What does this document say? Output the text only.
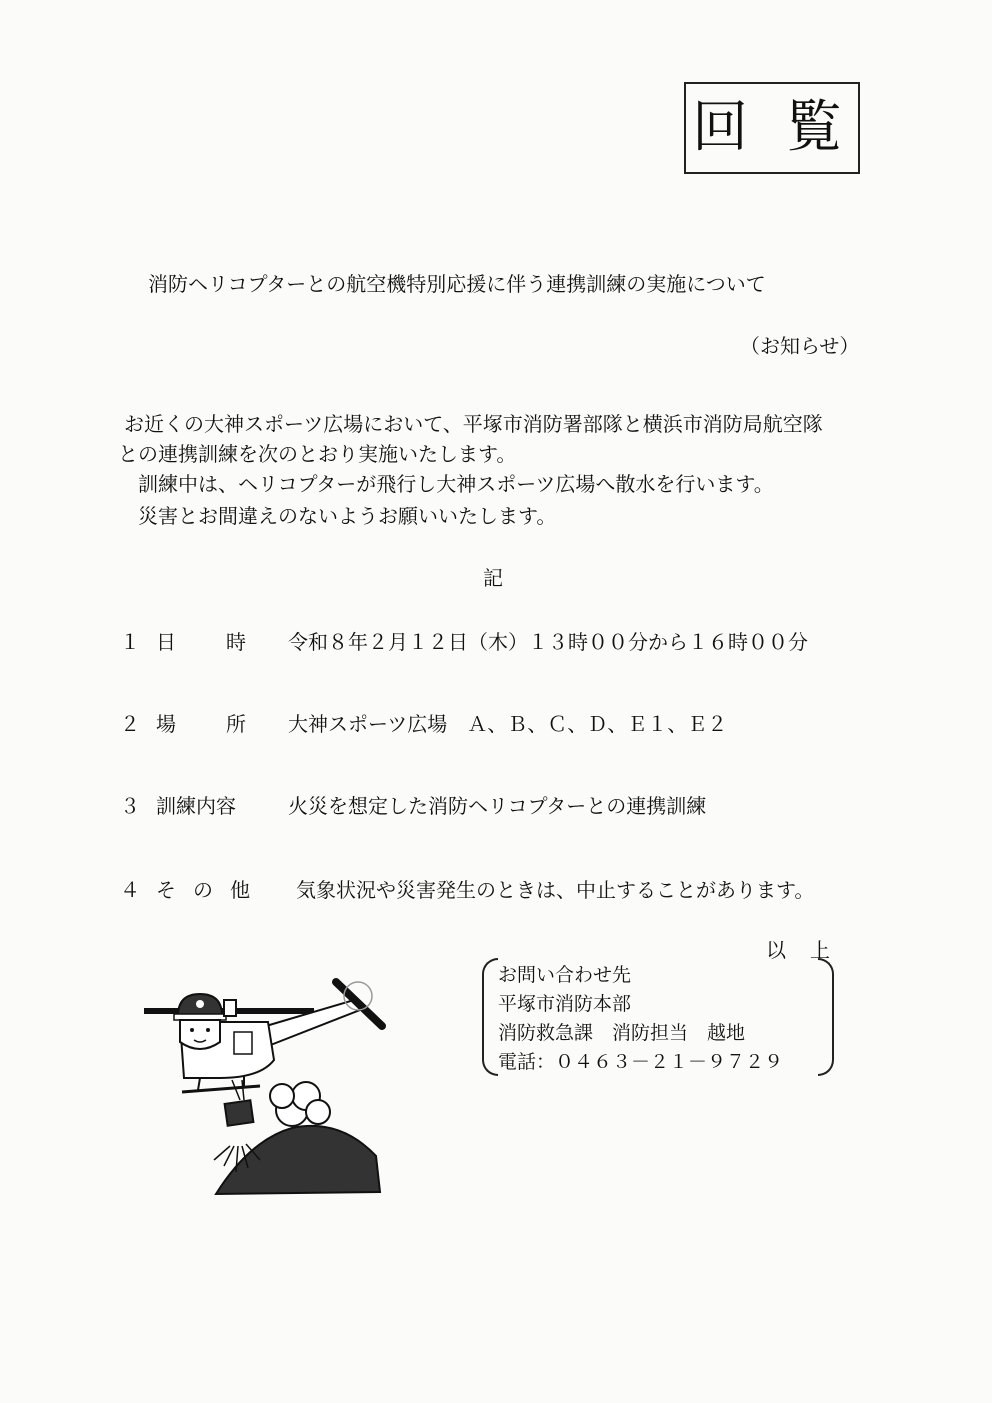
回 覧
消防ヘリコプターとの航空機特別応援に伴う連携訓練の実施について
（お知らせ）
お近くの大神スポーツ広場において、平塚市消防署部隊と横浜市消防局航空隊
との連携訓練を次のとおり実施いたします。
訓練中は、ヘリコプターが飛行し大神スポーツ広場へ散水を行います。
災害とお間違えのないようお願いいたします。
記
１ 日	時 令和８年２月１２日（木）１３時００分から１６時００分
２ 場	所 大神スポーツ広場　Ａ、Ｂ、Ｃ、Ｄ、Ｅ１、Ｅ２
３ 訓練内容	火災を想定した消防ヘリコプターとの連携訓練
４ そ の 他 気象状況や災害発生のときは、中止することがあります。
以上
お問い合わせ先
平塚市消防本部
消防救急課　消防担当　越地
電話：０４６３－２１－９７２９
